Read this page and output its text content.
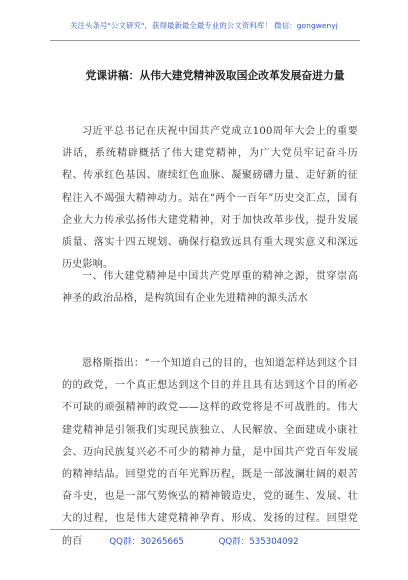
关注头条号"公文研究"，获得最新最全最专业的公文资料库！ 微信：gongwenyj
党课讲稿：从伟大建党精神汲取国企改革发展奋进力量
习近平总书记在庆祝中国共产党成立100周年大会上的重要讲话，系统精辟概括了伟大建党精神，为广大党员牢记奋斗历程、传承红色基因、赓续红色血脉、凝聚磅礴力量、走好新的征程注入不竭强大精神动力。站在“两个一百年”历史交汇点，国有企业大力传承弘扬伟大建党精神，对于加快改革步伐，提升发展质量、落实十四五规划、确保行稳致远具有重大现实意义和深远历史影响。
一、伟大建党精神是中国共产党厚重的精神之源，贯穿崇高神圣的政治品格，是构筑国有企业先进精神的源头活水
恩格斯指出：“一个知道自己的目的，也知道怎样达到这个目的的政党，一个真正想达到这个目的并且具有达到这个目的所必不可缺的顽强精神的政党——这样的政党将是不可战胜的。伟大建党精神是引领我们实现民族独立、人民解放、全面建成小康社会、迈向民族复兴必不可少的精神力量，是中国共产党百年发展的精神结晶。回望党的百年光辉历程，既是一部波澜壮阔的艰苦奋斗史，也是一部气势恢弘的精神锻造史，党的诞生、发展、壮大的过程，也是伟大建党精神孕育、形成、发扬的过程。回望党的百	QQ群：30265665	QQ群：535304092
